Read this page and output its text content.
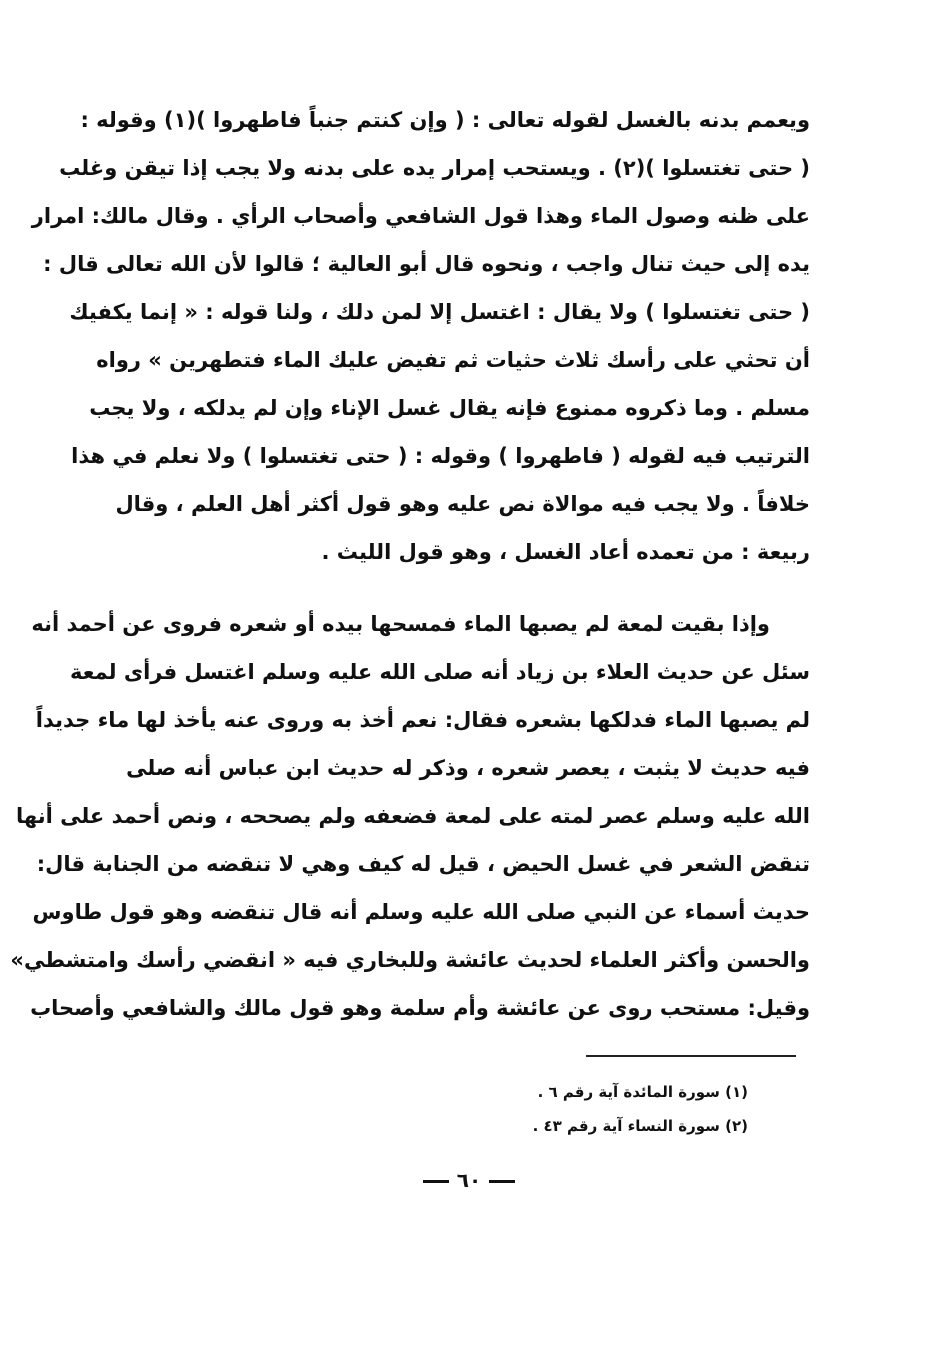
ويعمم بدنه بالغسل لقوله تعالى : ( وإن كنتم جنباً فاطهروا )(١) وقوله :
( حتى تغتسلوا )(٢) . ويستحب إمرار يده على بدنه ولا يجب إذا تيقن وغلب
على ظنه وصول الماء وهذا قول الشافعي وأصحاب الرأي . وقال مالك: امرار
يده إلى حيث تنال واجب ، ونحوه قال أبو العالية ؛ قالوا لأن الله تعالى قال :
( حتى تغتسلوا ) ولا يقال : اغتسل إلا لمن دلك ، ولنا قوله : « إنما يكفيك
أن تحثي على رأسك ثلاث حثيات ثم تفيض عليك الماء فتطهرين » رواه
مسلم . وما ذكروه ممنوع فإنه يقال غسل الإناء وإن لم يدلكه ، ولا يجب
الترتيب فيه لقوله ( فاطهروا ) وقوله : ( حتى تغتسلوا ) ولا نعلم في هذا
خلافاً . ولا يجب فيه موالاة نص عليه وهو قول أكثر أهل العلم ، وقال
ربيعة : من تعمده أعاد الغسل ، وهو قول الليث .
وإذا بقيت لمعة لم يصبها الماء فمسحها بيده أو شعره فروى عن أحمد أنه
سئل عن حديث العلاء بن زياد أنه صلى الله عليه وسلم اغتسل فرأى لمعة
لم يصبها الماء فدلكها بشعره فقال: نعم أخذ به وروى عنه يأخذ لها ماء جديداً
فيه حديث لا يثبت ، يعصر شعره ، وذكر له حديث ابن عباس أنه صلى
الله عليه وسلم عصر لمته على لمعة فضعفه ولم يصححه ، ونص أحمد على أنها
تنقض الشعر في غسل الحيض ، قيل له كيف وهي لا تنقضه من الجنابة قال:
حديث أسماء عن النبي صلى الله عليه وسلم أنه قال تنقضه وهو قول طاوس
والحسن وأكثر العلماء لحديث عائشة وللبخاري فيه « انقضي رأسك وامتشطي»
وقيل: مستحب روى عن عائشة وأم سلمة وهو قول مالك والشافعي وأصحاب
(١) سورة المائدة آية رقم ٦ .
(٢) سورة النساء آية رقم ٤٣ .
٦٠
